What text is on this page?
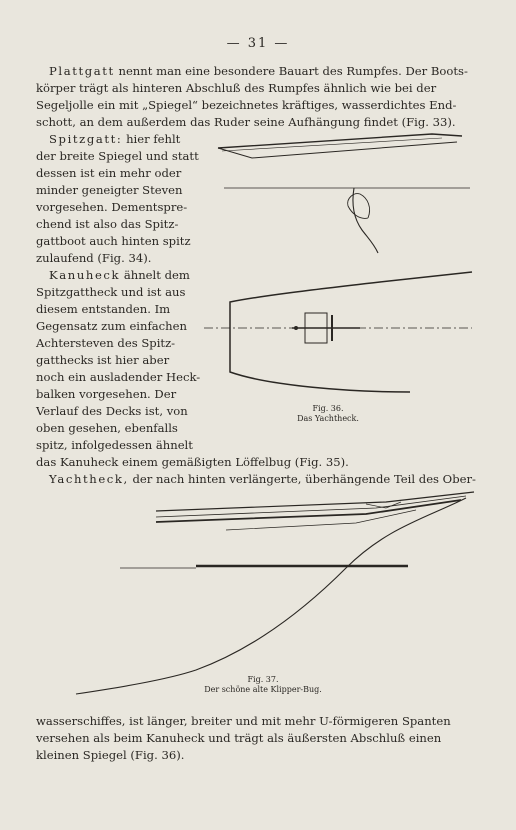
— 31 —
Plattgatt nennt man eine besondere Bauart des Rumpfes. Der Boots-
körper trägt als hinteren Abschluß des Rumpfes ähnlich wie bei der
Segeljolle ein mit „Spiegel“ bezeichnetes kräftiges, wasserdichtes End-
schott, an dem außerdem das Ruder seine Aufhängung findet (Fig. 33).
Spitzgatt: hier fehlt
der breite Spiegel und statt
dessen ist ein mehr oder
minder geneigter Steven
vorgesehen. Dementspre-
chend ist also das Spitz-
gattboot auch hinten spitz
zulaufend (Fig. 34).
Kanuheck ähnelt dem
Spitzgattheck und ist aus
diesem entstanden. Im
Gegensatz zum einfachen
Achtersteven des Spitz-
gatthecks ist hier aber
noch ein ausladender Heck-
balken vorgesehen. Der
Verlauf des Decks ist, von
oben gesehen, ebenfalls
spitz, infolgedessen ähnelt
das Kanuheck einem gemäßigten Löffelbug (Fig. 35).
Yachtheck, der nach hinten verlängerte, überhängende Teil des Ober-
Fig. 36.
Das Yachtheck.
Fig. 37.
Der schöne alte Klipper-Bug.
wasserschiffes, ist länger, breiter und mit mehr U-förmigeren Spanten
versehen als beim Kanuheck und trägt als äußersten Abschluß einen
kleinen Spiegel (Fig. 36).
